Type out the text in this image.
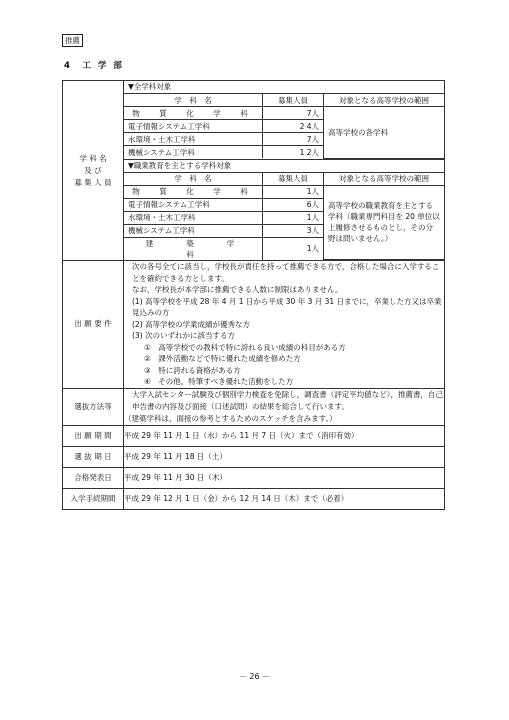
推薦
4　工 学 部
学 科 名
及 び
募 集 人 員

▼全学科対象
学　科　名	募集人員	対象となる高等学校の範囲
物　質　化　学　科	7人	高等学校の各学科
電子情報システム工学科	2 4人
水環境・土木工学科	7人
機械システム工学科	1 2人
▼職業教育を主とする学科対象
学　科　名	募集人員	対象となる高等学校の範囲
物　質　化　学　科	1人	高等学校の職業教育を主とする学科（職業専門科目を 20 単位以上履修させるものとし，その分野は問いません。）
電子情報システム工学科	6人
水環境・土木工学科	1人
機械システム工学科	3人
建　　築　　学　　科	1人

出 願 要 件	

次の各号全てに該当し，学校長が責任を持って推薦できる方で，合格した場合に入学することを確約できる方とします。

なお，学校長が本学部に推薦できる人数に制限はありません。

(1) 高等学校を平成 28 年 4 月 1 日から平成 30 年 3 月 31 日までに，卒業した方又は卒業見込みの方

(2) 高等学校の学業成績が優秀な方

(3) 次のいずれかに該当する方

①　高等学校での教科で特に誇れる良い成績の科目がある方

②　課外活動などで特に優れた成績を修めた方

③　特に誇れる資格がある方

④　その他，特筆すべき優れた活動をした方

選抜方法等	

大学入試センター試験及び個別学力検査を免除し，調査書（評定平均値など），推薦書，自己申告書の内容及び面接（口述試問）の結果を総合して行います。

（建築学科は，面接の参考とするためのスケッチを含みます。）

出 願 期 間	平成 29 年 11 月 1 日（水）から 11 月 7 日（火）まで（消印有効）
選 抜 期 日	平成 29 年 11 月 18 日（土）
合格発表日	平成 29 年 11 月 30 日（木）
入学手続期間	平成 29 年 12 月 1 日（金）から 12 月 14 日（木）まで（必着）
－ 26 －
